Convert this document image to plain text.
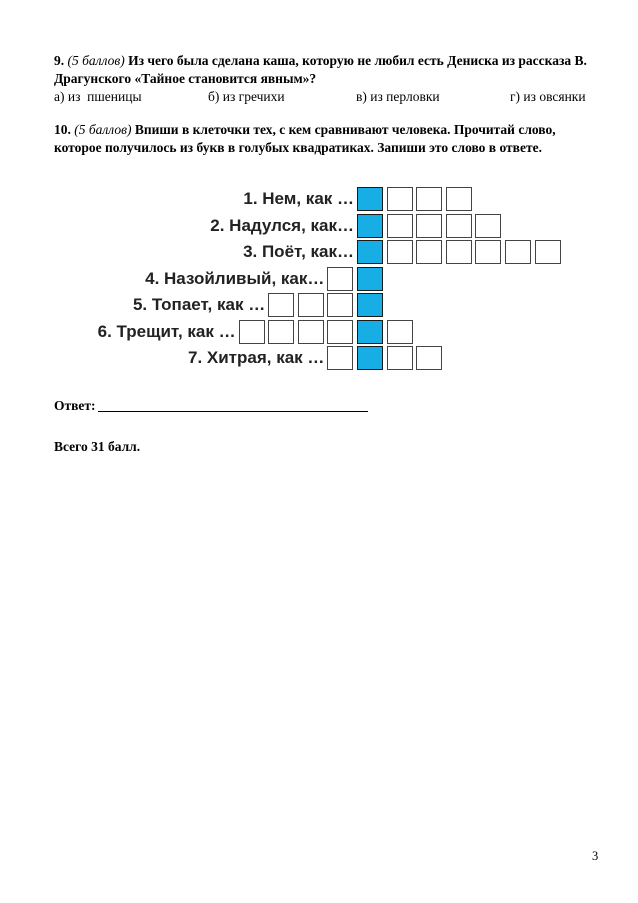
9. (5 баллов) Из чего была сделана каша, которую не любил есть Дениска из рассказа В. Драгунского «Тайное становится явным»?
а) из  пшеницы	б) из гречихи	в) из перловки	г) из овсянки
10. (5 баллов) Впиши в клеточки тех, с кем сравнивают человека. Прочитай слово, которое получилось из букв в голубых квадратиках. Запиши это слово в ответе.
1. Нем, как …
2. Надулся, как…
3. Поёт, как…
4. Назойливый, как…
5. Топает, как …
6. Трещит, как …
7. Хитрая, как …
Ответ:
Всего 31 балл.
3
